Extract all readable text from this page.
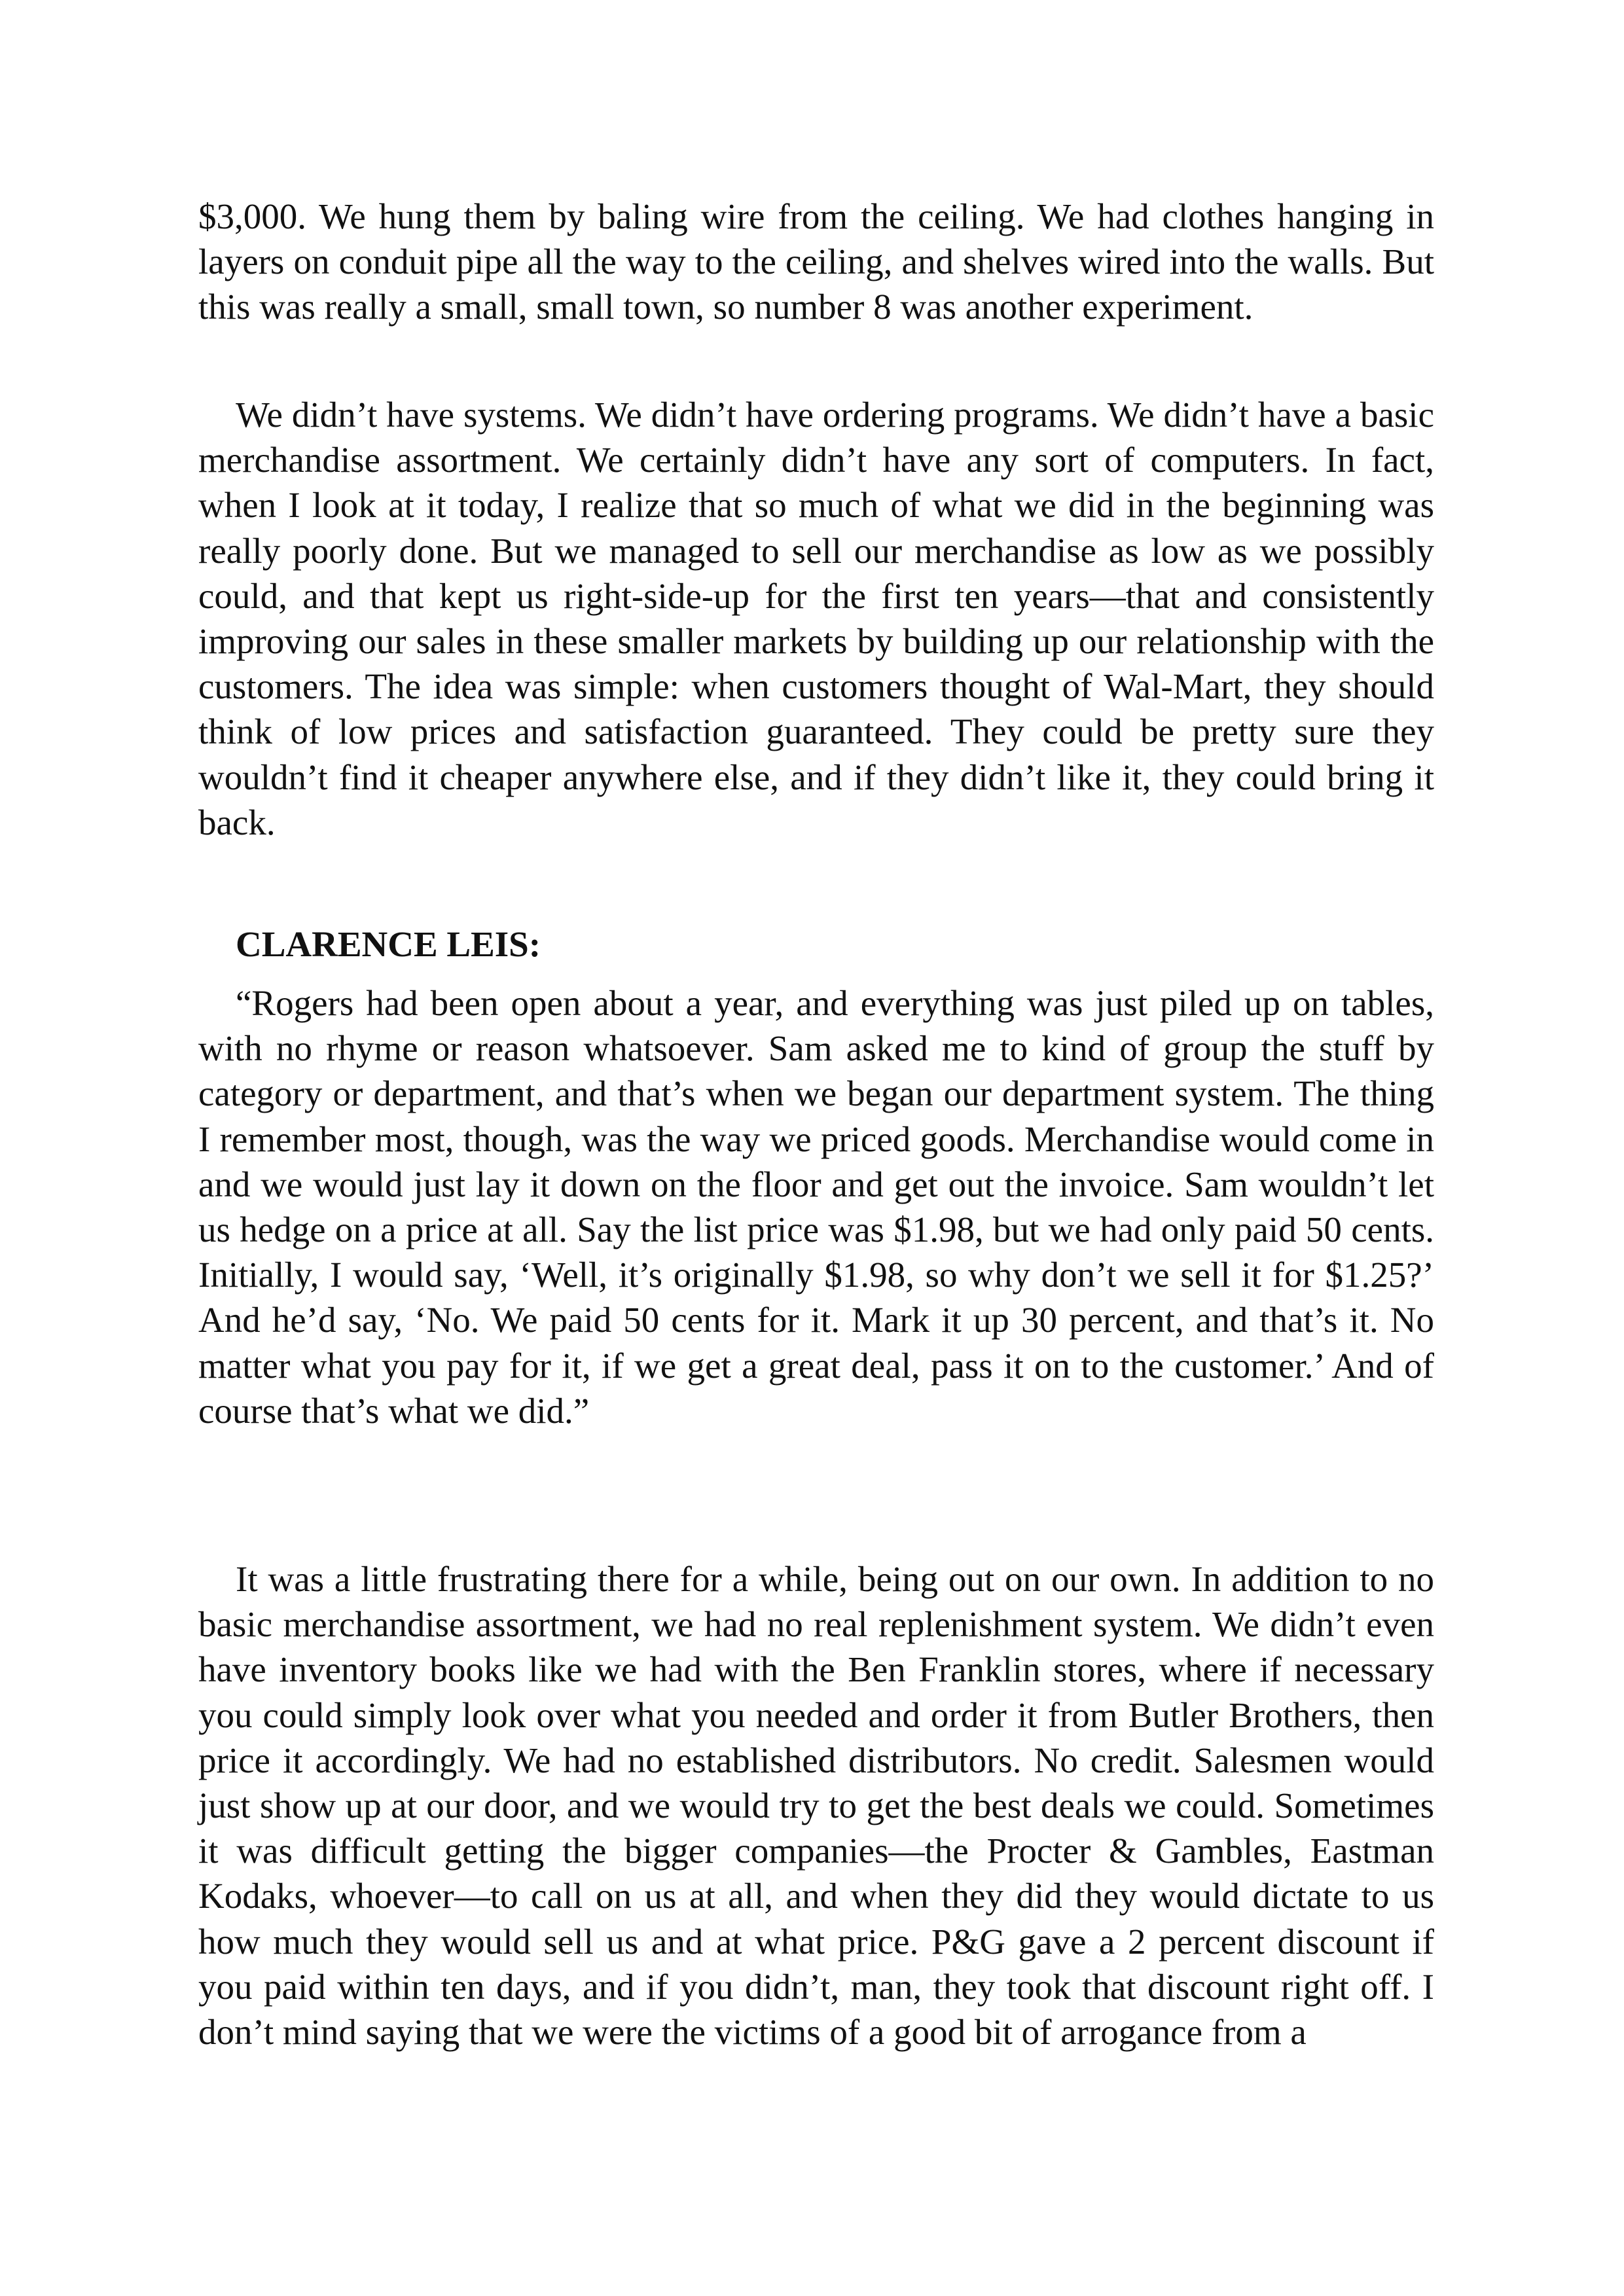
$3,000. We hung them by baling wire from the ceiling. We had clothes hanging in layers on conduit pipe all the way to the ceiling, and shelves wired into the walls. But this was really a small, small town, so number 8 was another experiment.

We didn’t have systems. We didn’t have ordering programs. We didn’t have a basic merchandise assortment. We certainly didn’t have any sort of computers. In fact, when I look at it today, I realize that so much of what we did in the beginning was really poorly done. But we managed to sell our merchandise as low as we possibly could, and that kept us right-side-up for the first ten years—that and consistently improving our sales in these smaller markets by building up our relationship with the customers. The idea was simple: when customers thought of Wal-Mart, they should think of low prices and satisfaction guaranteed. They could be pretty sure they wouldn’t find it cheaper anywhere else, and if they didn’t like it, they could bring it back.

CLARENCE LEIS:

“Rogers had been open about a year, and everything was just piled up on tables, with no rhyme or reason whatsoever. Sam asked me to kind of group the stuff by category or department, and that’s when we began our department system. The thing I remember most, though, was the way we priced goods. Merchandise would come in and we would just lay it down on the floor and get out the invoice. Sam wouldn’t let us hedge on a price at all. Say the list price was $1.98, but we had only paid 50 cents. Initially, I would say, ‘Well, it’s originally $1.98, so why don’t we sell it for $1.25?’ And he’d say, ‘No. We paid 50 cents for it. Mark it up 30 percent, and that’s it. No matter what you pay for it, if we get a great deal, pass it on to the customer.’ And of course that’s what we did.”

It was a little frustrating there for a while, being out on our own. In addition to no basic merchandise assortment, we had no real replenishment system. We didn’t even have inventory books like we had with the Ben Franklin stores, where if necessary you could simply look over what you needed and order it from Butler Brothers, then price it accordingly. We had no established distributors. No credit. Salesmen would just show up at our door, and we would try to get the best deals we could. Sometimes it was difficult getting the bigger companies—the Procter & Gambles, Eastman Kodaks, whoever—to call on us at all, and when they did they would dictate to us how much they would sell us and at what price. P&G gave a 2 percent discount if you paid within ten days, and if you didn’t, man, they took that discount right off. I don’t mind saying that we were the victims of a good bit of arrogance from a
